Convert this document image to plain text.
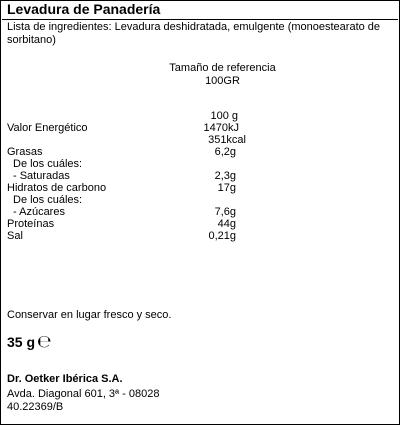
Levadura de Panadería
Lista de ingredientes: Levadura deshidratada, emulgente (monoestearato de sorbitano)
Tamaño de referencia
100GR
100 g
Valor Energético	1470kJ
351kcal
Grasas	6,2g
De los cuáles:
- Saturadas	2,3g
Hidratos de carbono	17g
De los cuáles:
- Azúcares	7,6g
Proteínas	44g
Sal	0,21g
Conservar en lugar fresco y seco.
35 g ℮
Dr. Oetker Ibérica S.A.
Avda. Diagonal 601, 3ª - 08028
40.22369/B
